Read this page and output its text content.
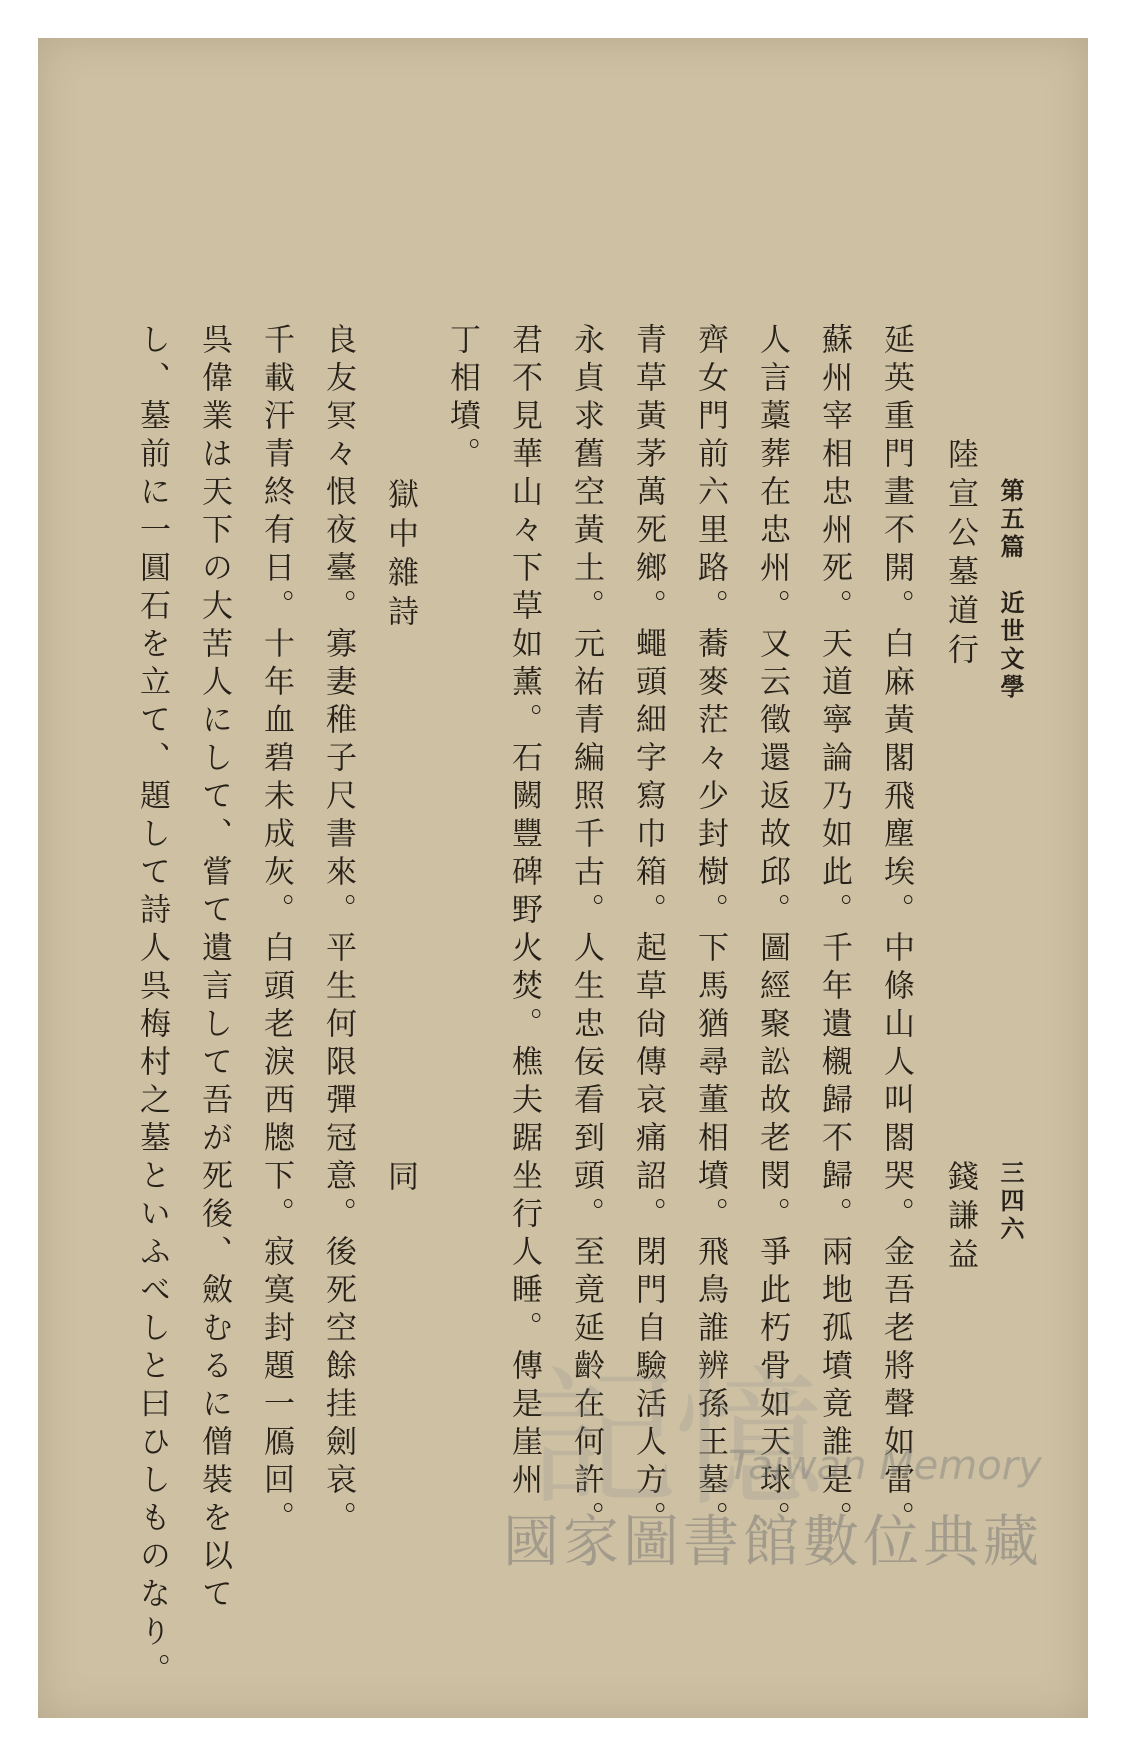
第五篇　近世文學
三四六
陸宣公墓道行
錢謙益
延英重門晝不開。白麻黃閣飛塵埃。中條山人叫閤哭。金吾老將聲如雷。
蘇州宰相忠州死。天道寧論乃如此。千年遺櫬歸不歸。兩地孤墳竟誰是。
人言藁葬在忠州。又云徵還返故邱。圖經聚訟故老閔。爭此朽骨如天球。
齊女門前六里路。蕎麥茫々少封樹。下馬猶尋董相墳。飛鳥誰辨孫王墓。
青草黃茅萬死鄉。蠅頭細字寫巾箱。起草尙傳哀痛詔。閉門自驗活人方。
永貞求舊空黃土。元祐青編照千古。人生忠佞看到頭。至竟延齡在何許。
君不見華山々下草如薰。石闕豐碑野火焚。樵夫踞坐行人睡。傳是崖州
丁相墳。
獄中雜詩
同
良友冥々恨夜臺。寡妻稚子尺書來。平生何限彈冠意。後死空餘挂劍哀。
千載汗青終有日。十年血碧未成灰。白頭老淚西牕下。寂寞封題一鴈回。
呉偉業は天下の大苦人にして、嘗て遺言して吾が死後、斂むるに僧裝を以て
し、墓前に一圓石を立て、題して詩人呉梅村之墓といふべしと曰ひしものなり。 記憶
Taiwan Memory
國家圖書館數位典藏
